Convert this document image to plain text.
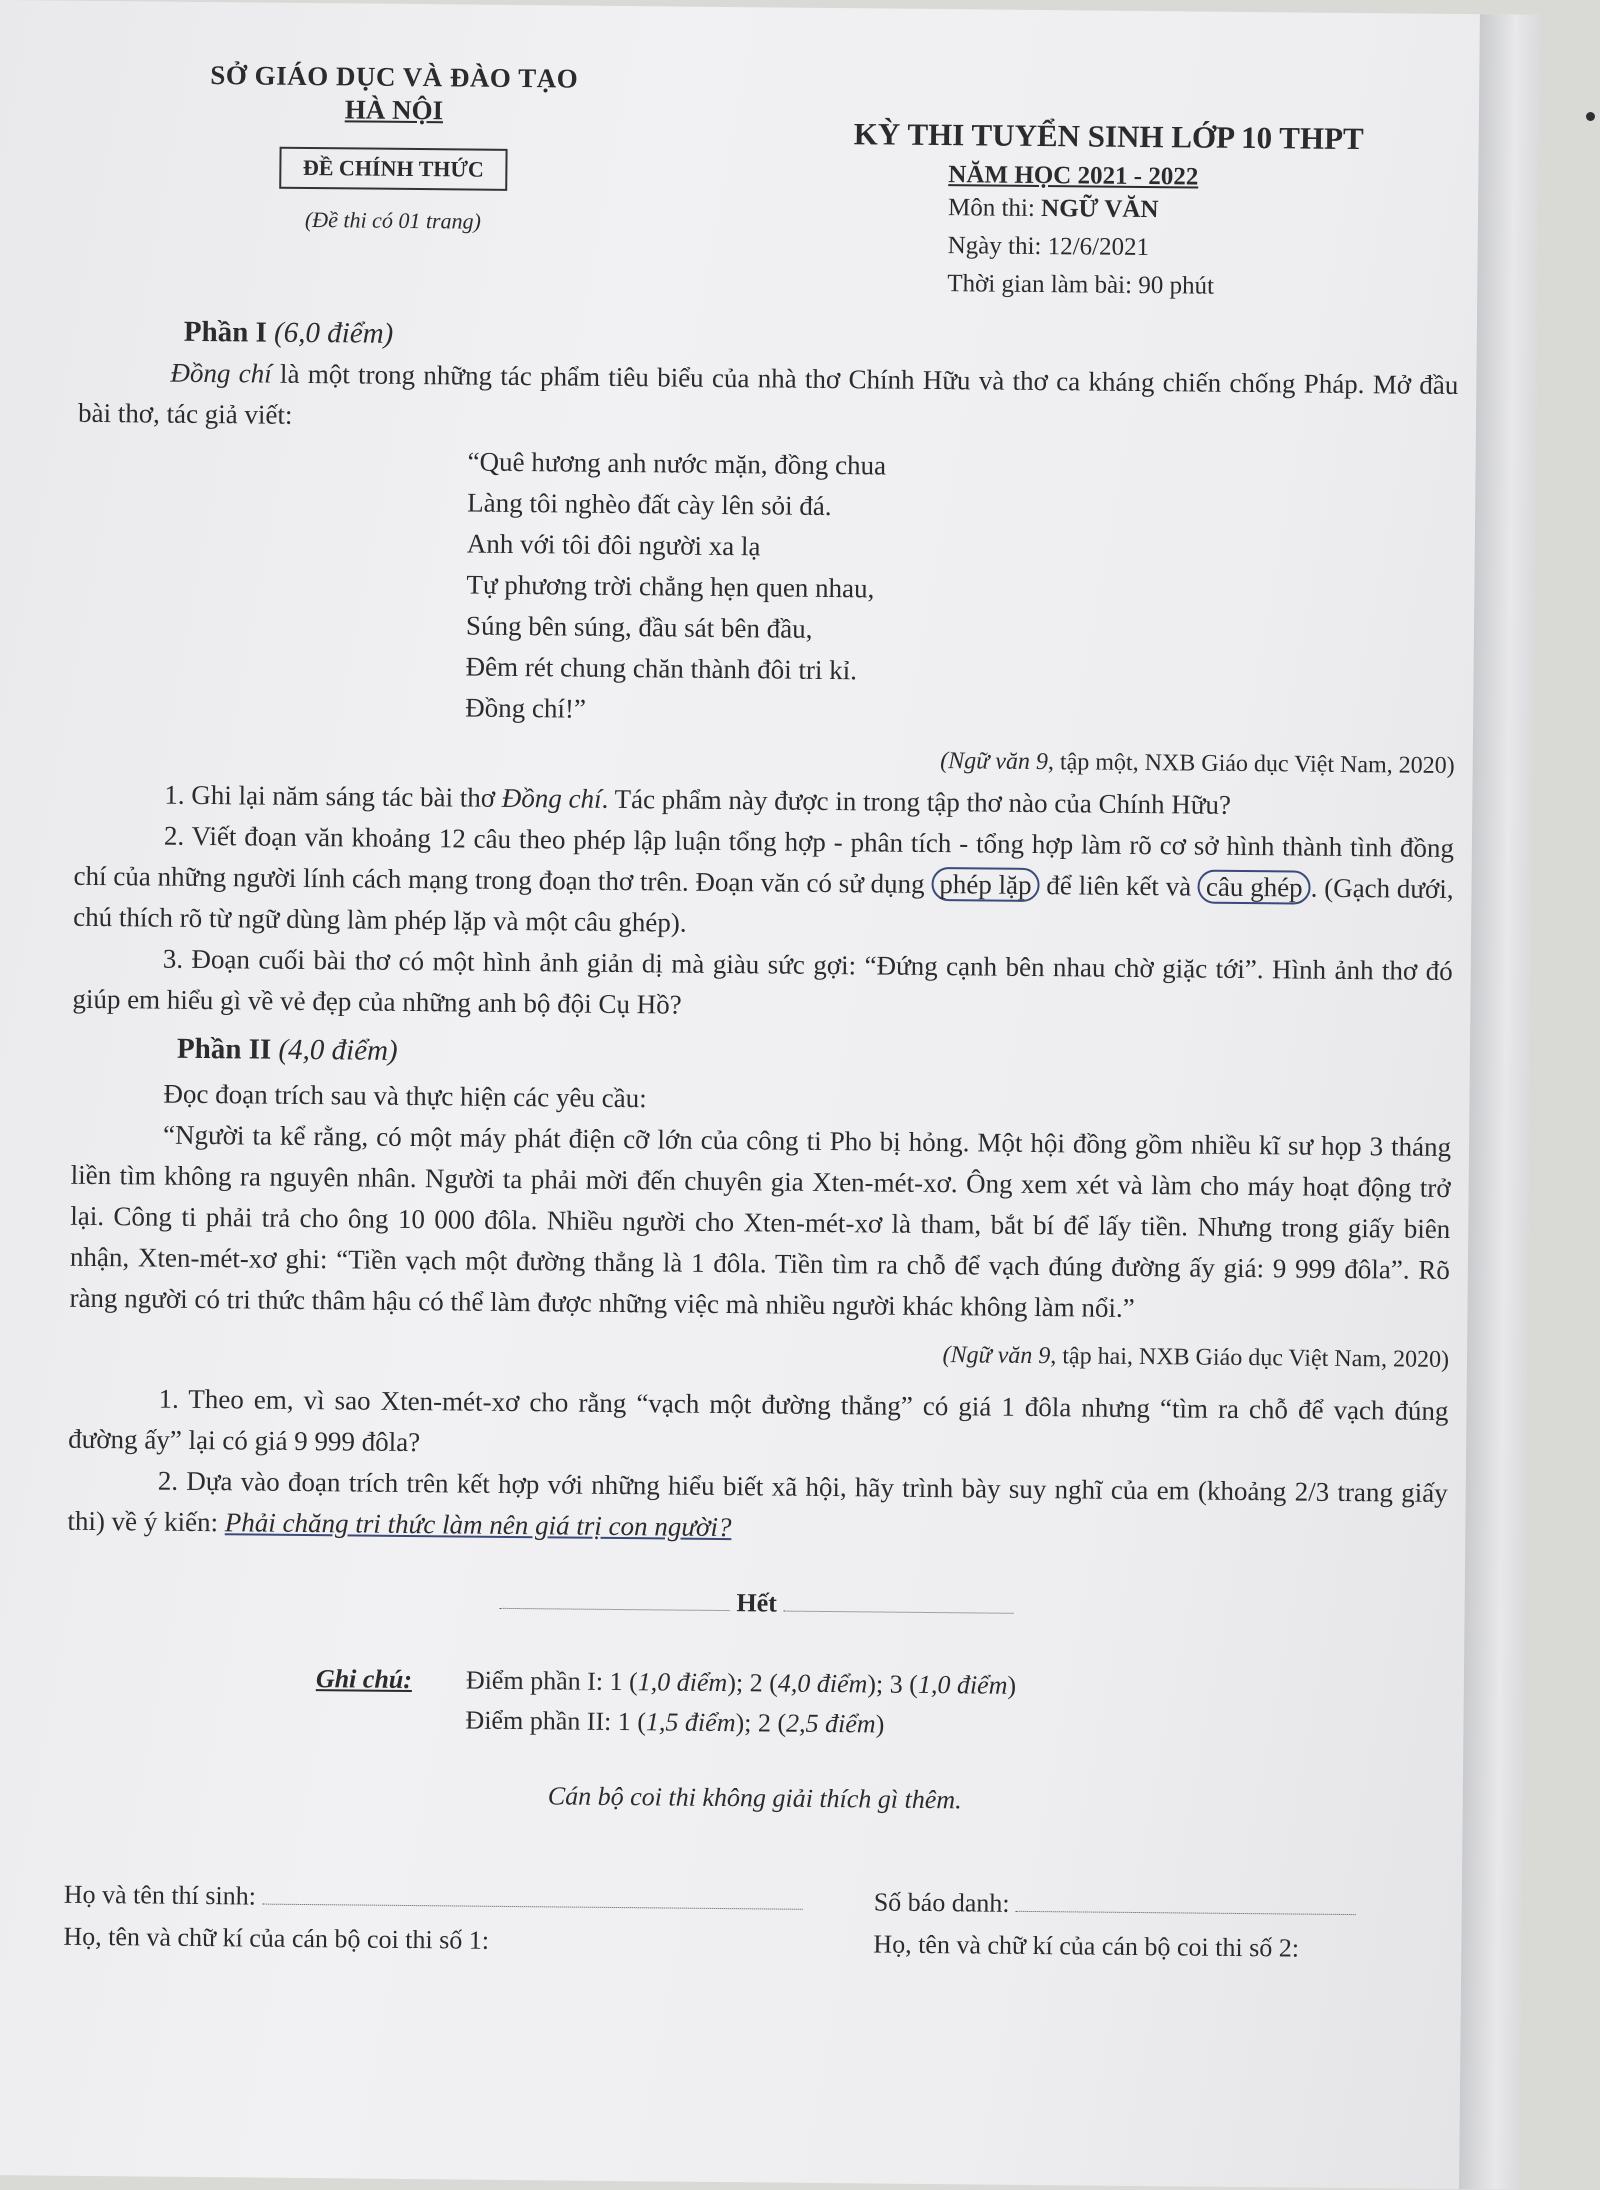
SỞ GIÁO DỤC VÀ ĐÀO TẠO
HÀ NỘI
ĐỀ CHÍNH THỨC
(Đề thi có 01 trang)
KỲ THI TUYỂN SINH LỚP 10 THPT
NĂM HỌC 2021 - 2022
Môn thi: NGỮ VĂN
Ngày thi: 12/6/2021
Thời gian làm bài: 90 phút
Phần I (6,0 điểm)

Đồng chí là một trong những tác phẩm tiêu biểu của nhà thơ Chính Hữu và thơ ca kháng chiến chống Pháp. Mở đầu bài thơ, tác giả viết:

“Quê hương anh nước mặn, đồng chua
Làng tôi nghèo đất cày lên sỏi đá.
Anh với tôi đôi người xa lạ
Tự phương trời chẳng hẹn quen nhau,
Súng bên súng, đầu sát bên đầu,
Đêm rét chung chăn thành đôi tri kỉ.
Đồng chí!”
(Ngữ văn 9, tập một, NXB Giáo dục Việt Nam, 2020)

1. Ghi lại năm sáng tác bài thơ Đồng chí. Tác phẩm này được in trong tập thơ nào của Chính Hữu?

2. Viết đoạn văn khoảng 12 câu theo phép lập luận tổng hợp - phân tích - tổng hợp làm rõ cơ sở hình thành tình đồng chí của những người lính cách mạng trong đoạn thơ trên. Đoạn văn có sử dụng phép lặp để liên kết và câu ghép . (Gạch dưới, chú thích rõ từ ngữ dùng làm phép lặp và một câu ghép).

3. Đoạn cuối bài thơ có một hình ảnh giản dị mà giàu sức gợi: “Đứng cạnh bên nhau chờ giặc tới”. Hình ảnh thơ đó giúp em hiểu gì về vẻ đẹp của những anh bộ đội Cụ Hồ?

Phần II (4,0 điểm)

Đọc đoạn trích sau và thực hiện các yêu cầu:

“Người ta kể rằng, có một máy phát điện cỡ lớn của công ti Pho bị hỏng. Một hội đồng gồm nhiều kĩ sư họp 3 tháng liền tìm không ra nguyên nhân. Người ta phải mời đến chuyên gia Xten-mét-xơ. Ông xem xét và làm cho máy hoạt động trở lại. Công ti phải trả cho ông 10 000 đôla. Nhiều người cho Xten-mét-xơ là tham, bắt bí để lấy tiền. Nhưng trong giấy biên nhận, Xten-mét-xơ ghi: “Tiền vạch một đường thẳng là 1 đôla. Tiền tìm ra chỗ để vạch đúng đường ấy giá: 9 999 đôla”. Rõ ràng người có tri thức thâm hậu có thể làm được những việc mà nhiều người khác không làm nổi.”

(Ngữ văn 9, tập hai, NXB Giáo dục Việt Nam, 2020)

1. Theo em, vì sao Xten-mét-xơ cho rằng “vạch một đường thẳng” có giá 1 đôla nhưng “tìm ra chỗ để vạch đúng đường ấy” lại có giá 9 999 đôla?

2. Dựa vào đoạn trích trên kết hợp với những hiểu biết xã hội, hãy trình bày suy nghĩ của em (khoảng 2/3 trang giấy thi) về ý kiến: Phải chăng tri thức làm nên giá trị con người?

Hết
Ghi chú:	Điểm phần I: 1 (1,0 điểm); 2 (4,0 điểm); 3 (1,0 điểm)
Điểm phần II: 1 (1,5 điểm); 2 (2,5 điểm)
Cán bộ coi thi không giải thích gì thêm.
Họ và tên thí sinh:	Số báo danh:
Họ, tên và chữ kí của cán bộ coi thi số 1:	Họ, tên và chữ kí của cán bộ coi thi số 2:
